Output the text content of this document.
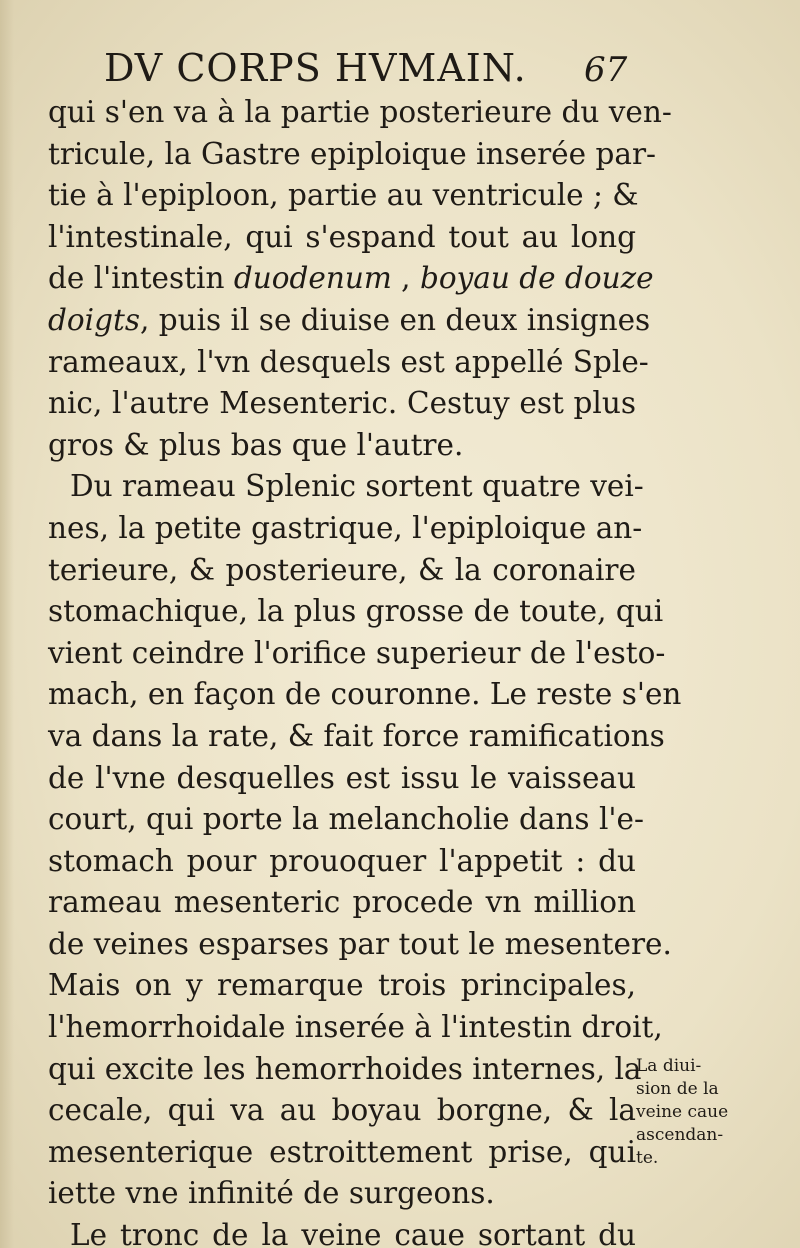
DV CORPS HVMAIN. 67
qui s'en va à la partie posterieure du ven-
tricule, la Gastre epiploique inserée par-
tie à l'epiploon, partie au ventricule ; &
l'intestinale, qui s'espand tout au long
de l'intestin duodenum , boyau de douze
doigts, puis il se diuise en deux insignes
rameaux, l'vn desquels est appellé Sple-
nic, l'autre Mesenteric. Cestuy est plus
gros & plus bas que l'autre.
Du rameau Splenic sortent quatre vei-
nes, la petite gastrique, l'epiploique an-
terieure, & posterieure, & la coronaire
stomachique, la plus grosse de toute, qui
vient ceindre l'orifice superieur de l'esto-
mach, en façon de couronne. Le reste s'en
va dans la rate, & fait force ramifications
de l'vne desquelles est issu le vaisseau
court, qui porte la melancholie dans l'e-
stomach pour prouoquer l'appetit : du
rameau mesenteric procede vn million
de veines esparses par tout le mesentere.
Mais on y remarque trois principales,
l'hemorrhoidale inserée à l'intestin droit,
qui excite les hemorrhoides internes, la
cecale, qui va au boyau borgne, & la
mesenterique estroittement prise, qui
iette vne infinité de surgeons.
Le tronc de la veine caue sortant du
La diui-
sion de la
veine caue
ascendan-
te.
